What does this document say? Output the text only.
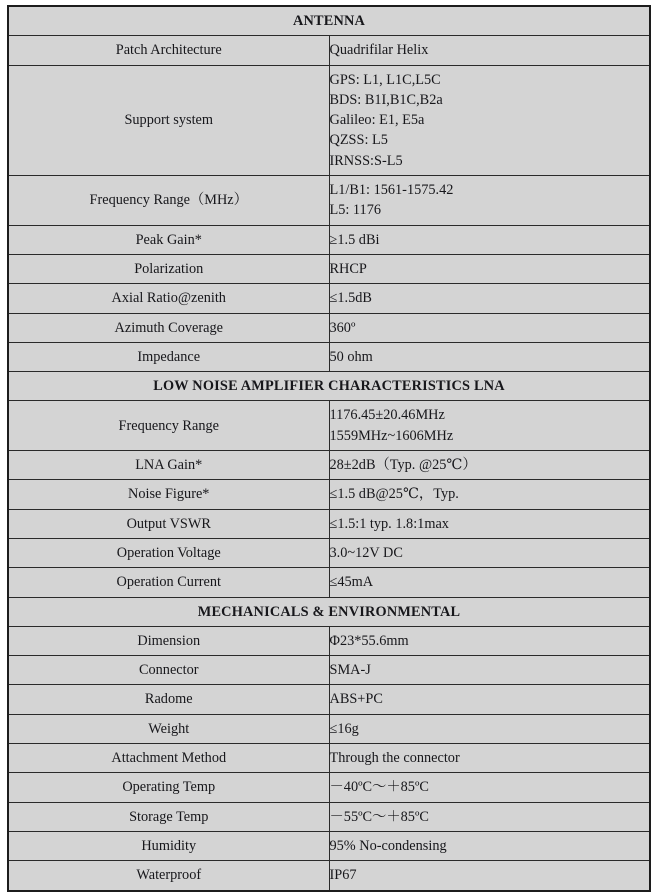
ANTENNA	
Patch Architecture	Quadrifilar Helix
Support system	GPS: L1, L1C,L5C
BDS: B1I,B1C,B2a
Galileo: E1, E5a
QZSS: L5
IRNSS:S-L5

Frequency Range（MHz）	L1/B1: 1561-1575.42
L5: 1176

Peak Gain*	≥1.5 dBi
Polarization	RHCP
Axial Ratio@zenith	≤1.5dB
Azimuth Coverage	360º
Impedance	50 ohm
LOW NOISE AMPLIFIER CHARACTERISTICS LNA	
Frequency Range	1176.45±20.46MHz
1559MHz~1606MHz

LNA Gain*	28±2dB（Typ. @25℃）
Noise Figure*	≤1.5 dB@25℃，Typ.
Output VSWR	≤1.5:1 typ. 1.8:1max
Operation Voltage	3.0~12V DC
Operation Current	≤45mA
MECHANICALS & ENVIRONMENTAL	
Dimension	Φ23*55.6mm
Connector	SMA-J
Radome	ABS+PC
Weight	≤16g
Attachment Method	Through the connector
Operating Temp	－40ºC～＋85ºC
Storage Temp	－55ºC～＋85ºC
Humidity	95% No-condensing
Waterproof	IP67
